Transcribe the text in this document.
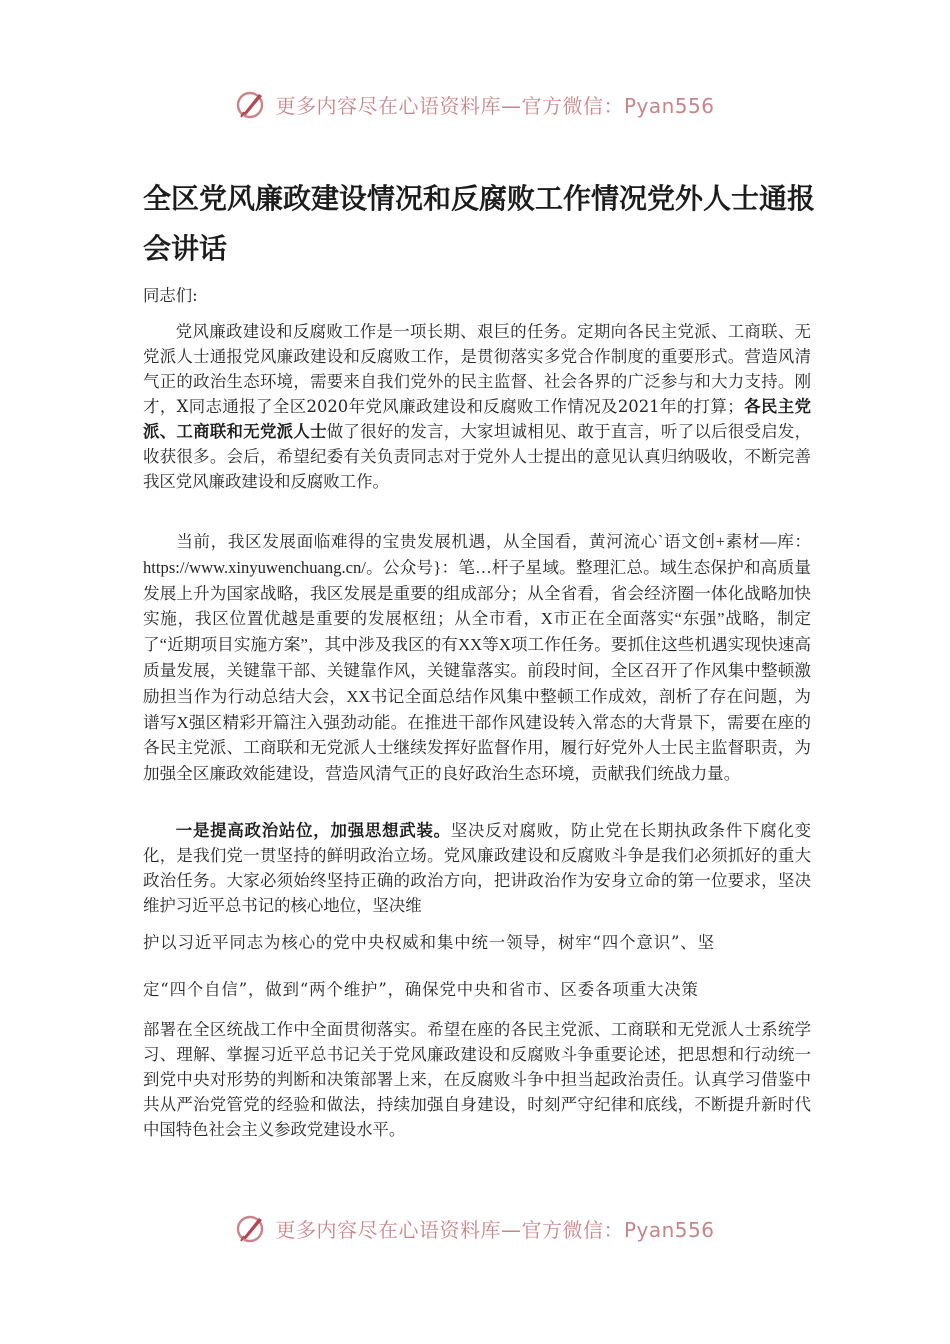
更多内容尽在心语资料库—官方微信：Pyan556
全区党风廉政建设情况和反腐败工作情况党外人士通报会讲话

同志们:

党风廉政建设和反腐败工作是一项长期、艰巨的任务。定期向各民主党派、工商联、无党派人士通报党风廉政建设和反腐败工作，是贯彻落实多党合作制度的重要形式。营造风清气正的政治生态环境，需要来自我们党外的民主监督、社会各界的广泛参与和大力支持。刚才，X同志通报了全区2020年党风廉政建设和反腐败工作情况及2021年的打算；各民主党派、工商联和无党派人士做了很好的发言，大家坦诚相见、敢于直言，听了以后很受启发，收获很多。会后，希望纪委有关负责同志对于党外人士提出的意见认真归纳吸收，不断完善我区党风廉政建设和反腐败工作。

当前，我区发展面临难得的宝贵发展机遇，从全国看，黄河流心`语文创+素材—库：https://www.xinyuwenchuang.cn/。公众号}：笔…杆子星域。整理汇总。域生态保护和高质量发展上升为国家战略，我区发展是重要的组成部分；从全省看，省会经济圈一体化战略加快实施，我区位置优越是重要的发展枢纽；从全市看，X市正在全面落实“东强”战略，制定了“近期项目实施方案”，其中涉及我区的有XX等X项工作任务。要抓住这些机遇实现快速高质量发展，关键靠干部、关键靠作风，关键靠落实。前段时间，全区召开了作风集中整顿激励担当作为行动总结大会，XX书记全面总结作风集中整顿工作成效，剖析了存在问题，为谱写X强区精彩开篇注入强劲动能。在推进干部作风建设转入常态的大背景下，需要在座的各民主党派、工商联和无党派人士继续发挥好监督作用，履行好党外人士民主监督职责，为加强全区廉政效能建设，营造风清气正的良好政治生态环境，贡献我们统战力量。

一是提高政治站位，加强思想武装。坚决反对腐败，防止党在长期执政条件下腐化变化，是我们党一贯坚持的鲜明政治立场。党风廉政建设和反腐败斗争是我们必须抓好的重大政治任务。大家必须始终坚持正确的政治方向，把讲政治作为安身立命的第一位要求，坚决维护习近平总书记的核心地位，坚决维

护以习近平同志为核心的党中央权威和集中统一领导，树牢“四个意识”、坚

定“四个自信”，做到“两个维护”，确保党中央和省市、区委各项重大决策

部署在全区统战工作中全面贯彻落实。希望在座的各民主党派、工商联和无党派人士系统学习、理解、掌握习近平总书记关于党风廉政建设和反腐败斗争重要论述，把思想和行动统一到党中央对形势的判断和决策部署上来，在反腐败斗争中担当起政治责任。认真学习借鉴中共从严治党管党的经验和做法，持续加强自身建设，时刻严守纪律和底线，不断提升新时代中国特色社会主义参政党建设水平。

更多内容尽在心语资料库—官方微信：Pyan556
